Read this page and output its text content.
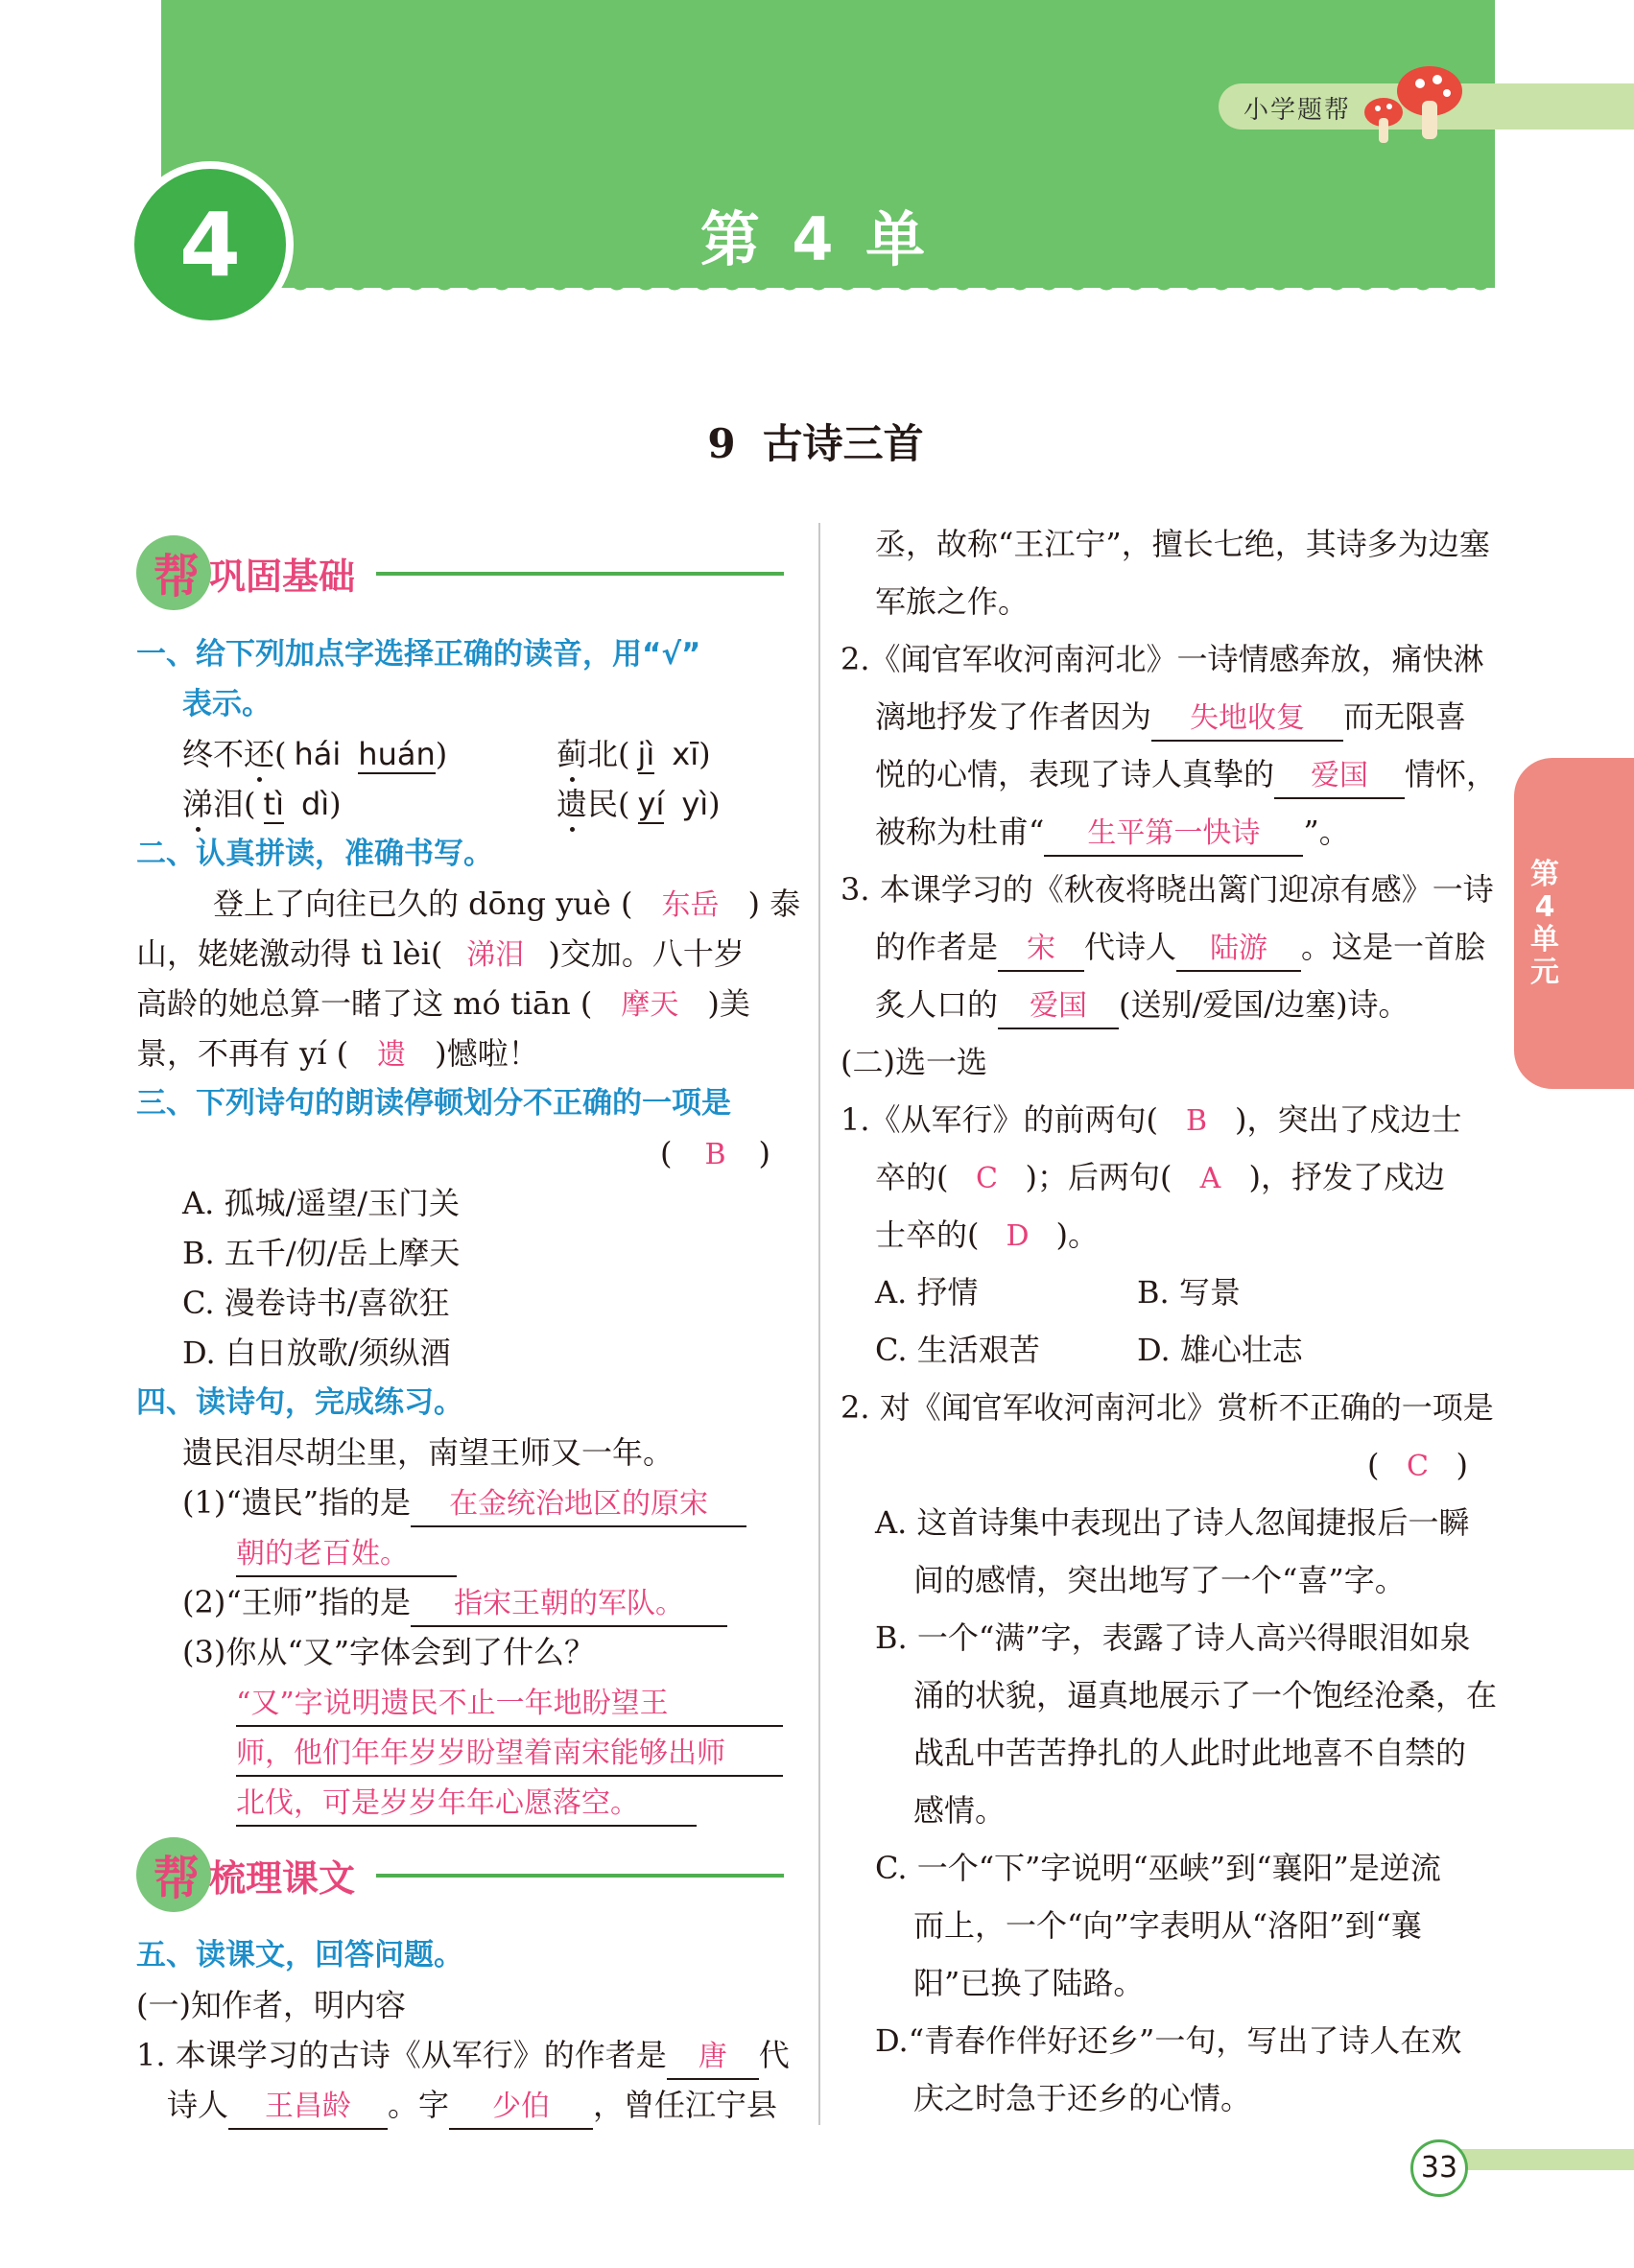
4	第 4 单元
小学题帮
9 古诗三首
第4单元
帮 巩固基础
一、给下列加点字选择正确的读音，用“√”
表示。
终不还( hái huán)	蓟北( jì xī)
涕泪( tì dì)	遗民( yí yì)
二、认真拼读，准确书写。
登上了向往已久的 dōng yuè ( 东岳 ) 泰
山，姥姥激动得 tì lèi( 涕泪 )交加。八十岁
高龄的她总算一睹了这 mó tiān ( 摩天 )美
景，不再有 yí ( 遗 )憾啦！
三、下列诗句的朗读停顿划分不正确的一项是
( B )
A. 孤城/遥望/玉门关
B. 五千/仞/岳上摩天
C. 漫卷诗书/喜欲狂
D. 白日放歌/须纵酒
四、读诗句，完成练习。
遗民泪尽胡尘里，南望王师又一年。
(1)“遗民”指的是 在金统治地区的原宋
朝的老百姓。
(2)“王师”指的是 指宋王朝的军队。
(3)你从“又”字体会到了什么？
“又”字说明遗民不止一年地盼望王
师，他们年年岁岁盼望着南宋能够出师
北伐，可是岁岁年年心愿落空。
帮 梳理课文
五、读课文，回答问题。
(一)知作者，明内容
1. 本课学习的古诗《从军行》的作者是 唐 代
诗人 王昌龄 。字 少伯 ，曾任江宁县
丞，故称“王江宁”，擅长七绝，其诗多为边塞
军旅之作。
2.《闻官军收河南河北》一诗情感奔放，痛快淋
漓地抒发了作者因为 失地收复 而无限喜
悦的心情，表现了诗人真挚的 爱国 情怀，
被称为杜甫“ 生平第一快诗 ”。
3. 本课学习的《秋夜将晓出篱门迎凉有感》一诗
的作者是 宋 代诗人 陆游 。这是一首脍
炙人口的 爱国 (送别/爱国/边塞)诗。
(二)选一选
1.《从军行》的前两句( B )，突出了戍边士
卒的( C )；后两句( A )，抒发了戍边
士卒的( D )。
A. 抒情	B. 写景
C. 生活艰苦	D. 雄心壮志
2. 对《闻官军收河南河北》赏析不正确的一项是
( C )
A. 这首诗集中表现出了诗人忽闻捷报后一瞬
间的感情，突出地写了一个“喜”字。
B. 一个“满”字，表露了诗人高兴得眼泪如泉
涌的状貌，逼真地展示了一个饱经沧桑，在
战乱中苦苦挣扎的人此时此地喜不自禁的
感情。
C. 一个“下”字说明“巫峡”到“襄阳”是逆流
而上，一个“向”字表明从“洛阳”到“襄
阳”已换了陆路。
D.“青春作伴好还乡”一句，写出了诗人在欢
庆之时急于还乡的心情。
33
